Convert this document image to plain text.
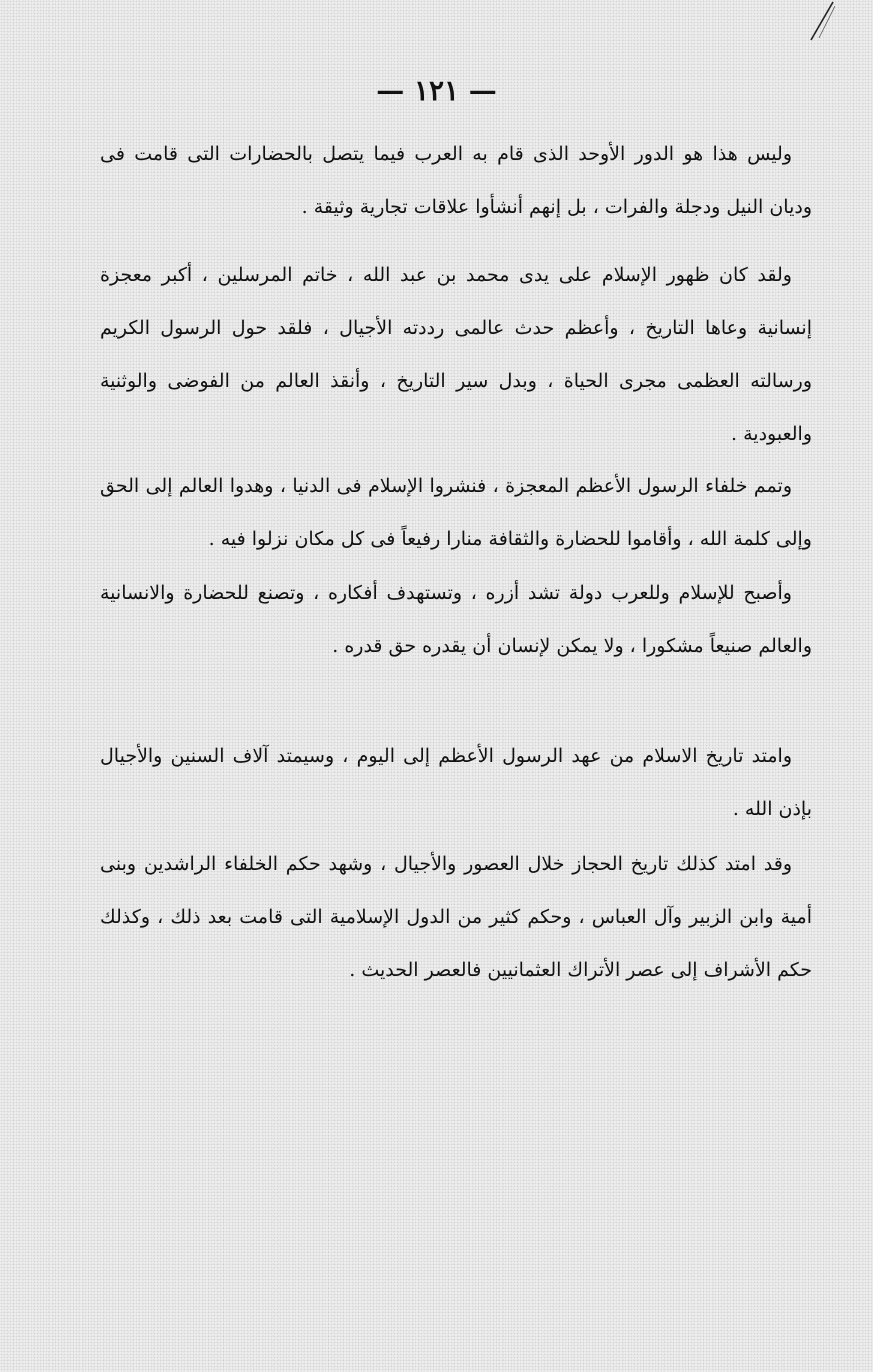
— ١٢١ —

وليس هذا هو الدور الأوحد الذى قام به العرب فيما يتصل بالحضارات التى قامت فى وديان النيل ودجلة والفرات ، بل إنهم أنشأوا علاقات تجارية وثيقة .

ولقد كان ظهور الإسلام على يدى محمد بن عبد الله ، خاتم المرسلين ، أكبر معجزة إنسانية وعاها التاريخ ، وأعظم حدث عالمى رددته الأجيال ، فلقد حول الرسول الكريم ورسالته العظمى مجرى الحياة ، وبدل سير التاريخ ، وأنقذ العالم من الفوضى والوثنية والعبودية .

وتمم خلفاء الرسول الأعظم المعجزة ، فنشروا الإسلام فى الدنيا ، وهدوا العالم إلى الحق وإلى كلمة الله ، وأقاموا للحضارة والثقافة منارا رفيعاً فى كل مكان نزلوا فيه .

وأصبح للإسلام وللعرب دولة تشد أزره ، وتستهدف أفكاره ، وتصنع للحضارة والانسانية والعالم صنيعاً مشكورا ، ولا يمكن لإنسان أن يقدره حق قدره .

وامتد تاريخ الاسلام من عهد الرسول الأعظم إلى اليوم ، وسيمتد آلاف السنين والأجيال بإذن الله .

وقد امتد كذلك تاريخ الحجاز خلال العصور والأجيال ، وشهد حكم الخلفاء الراشدين وبنى أمية وابن الزبير وآل العباس ، وحكم كثير من الدول الإسلامية التى قامت بعد ذلك ، وكذلك حكم الأشراف إلى عصر الأتراك العثمانيين فالعصر الحديث .
